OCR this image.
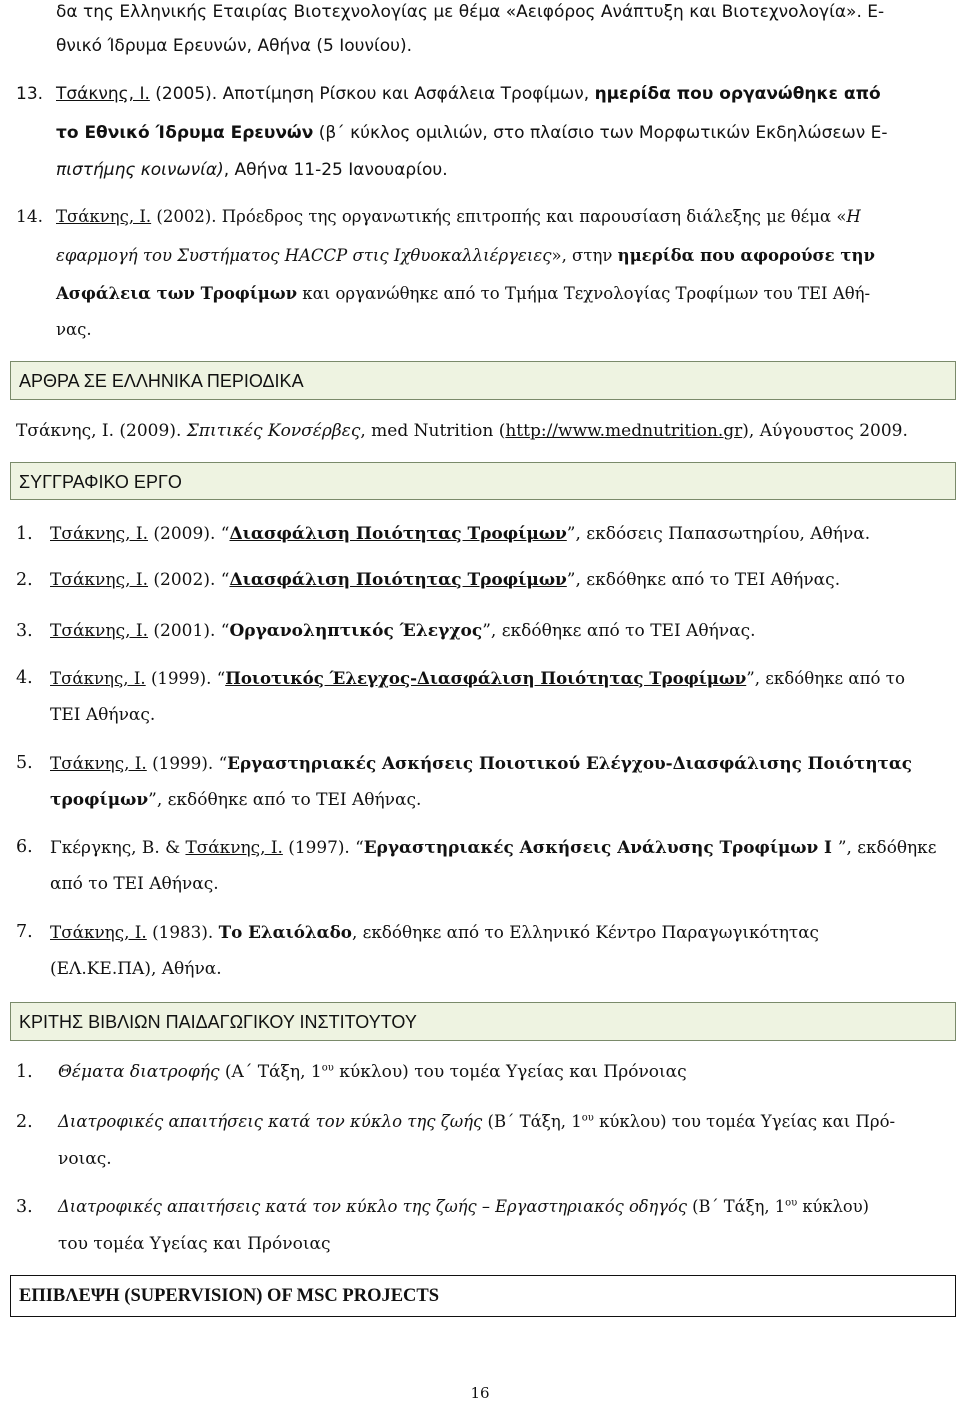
δα της Ελληνικής Εταιρίας Βιοτεχνολογίας με θέμα «Αειφόρος Ανάπτυξη και Βιοτεχνολογία». Ε-
θνικό Ίδρυμα Ερευνών, Αθήνα (5 Ιουνίου).
13. Τσάκνης, Ι. (2005). Αποτίμηση Ρίσκου και Ασφάλεια Τροφίμων, ημερίδα που οργανώθηκε από
το Εθνικό Ίδρυμα Ερευνών (β΄ κύκλος ομιλιών, στο πλαίσιο των Μορφωτικών Εκδηλώσεων Ε-
πιστήμης κοινωνία), Αθήνα 11-25 Ιανουαρίου.
14. Τσάκνης, Ι. (2002). Πρόεδρος της οργανωτικής επιτροπής και παρουσίαση διάλεξης με θέμα «Η
εφαρμογή του Συστήματος HACCP στις Ιχθυοκαλλιέργειες», στην ημερίδα που αφορούσε την
Ασφάλεια των Τροφίμων και οργανώθηκε από το Τμήμα Τεχνολογίας Τροφίμων του ΤΕΙ Αθή-
νας.
ΑΡΘΡΑ ΣΕ ΕΛΛΗΝΙΚΑ ΠΕΡΙΟΔΙΚΑ
Τσάκνης, Ι. (2009). Σπιτικές Κονσέρβες, med Nutrition (http://www.mednutrition.gr), Αύγουστος 2009.
ΣΥΓΓΡΑΦΙΚΟ ΕΡΓΟ
1. Τσάκνης, Ι. (2009). “Διασφάλιση Ποιότητας Τροφίμων”, εκδόσεις Παπασωτηρίου, Αθήνα.
2. Τσάκνης, Ι. (2002). “Διασφάλιση Ποιότητας Τροφίμων”, εκδόθηκε από το ΤΕΙ Αθήνας.
3. Τσάκνης, Ι. (2001). “Οργανοληπτικός Έλεγχος”, εκδόθηκε από το ΤΕΙ Αθήνας.
4. Τσάκνης, Ι. (1999). “Ποιοτικός Έλεγχος-Διασφάλιση Ποιότητας Τροφίμων”, εκδόθηκε από το
ΤΕΙ Αθήνας.
5. Τσάκνης, Ι. (1999). “Εργαστηριακές Ασκήσεις Ποιοτικού Ελέγχου-Διασφάλισης Ποιότητας
τροφίμων”, εκδόθηκε από το ΤΕΙ Αθήνας.
6. Γκέργκης, Β. & Τσάκνης, Ι. (1997). “Εργαστηριακές Ασκήσεις Ανάλυσης Τροφίμων Ι ”, εκδόθηκε
από το ΤΕΙ Αθήνας.
7. Τσάκνης, Ι. (1983). Το Ελαιόλαδο, εκδόθηκε από το Ελληνικό Κέντρο Παραγωγικότητας
(ΕΛ.ΚΕ.ΠΑ), Αθήνα.
ΚΡΙΤΗΣ ΒΙΒΛΙΩΝ ΠΑΙΔΑΓΩΓΙΚΟΥ ΙΝΣΤΙΤΟΥΤΟΥ
1. Θέματα διατροφής (Α΄ Τάξη, $1^{o\upsilon}$ κύκλου) του τομέα Υγείας και Πρόνοιας
2. Διατροφικές απαιτήσεις κατά τον κύκλο της ζωής (Β΄ Τάξη, $1^{o\upsilon}$ κύκλου) του τομέα Υγείας και Πρό-
νοιας.
3. Διατροφικές απαιτήσεις κατά τον κύκλο της ζωής – Εργαστηριακός οδηγός (Β΄ Τάξη, $1^{o\upsilon}$ κύκλου)
του τομέα Υγείας και Πρόνοιας
ΕΠΙΒΛΕΨΗ (SUPERVISION) OF MSC PROJECTS
16
